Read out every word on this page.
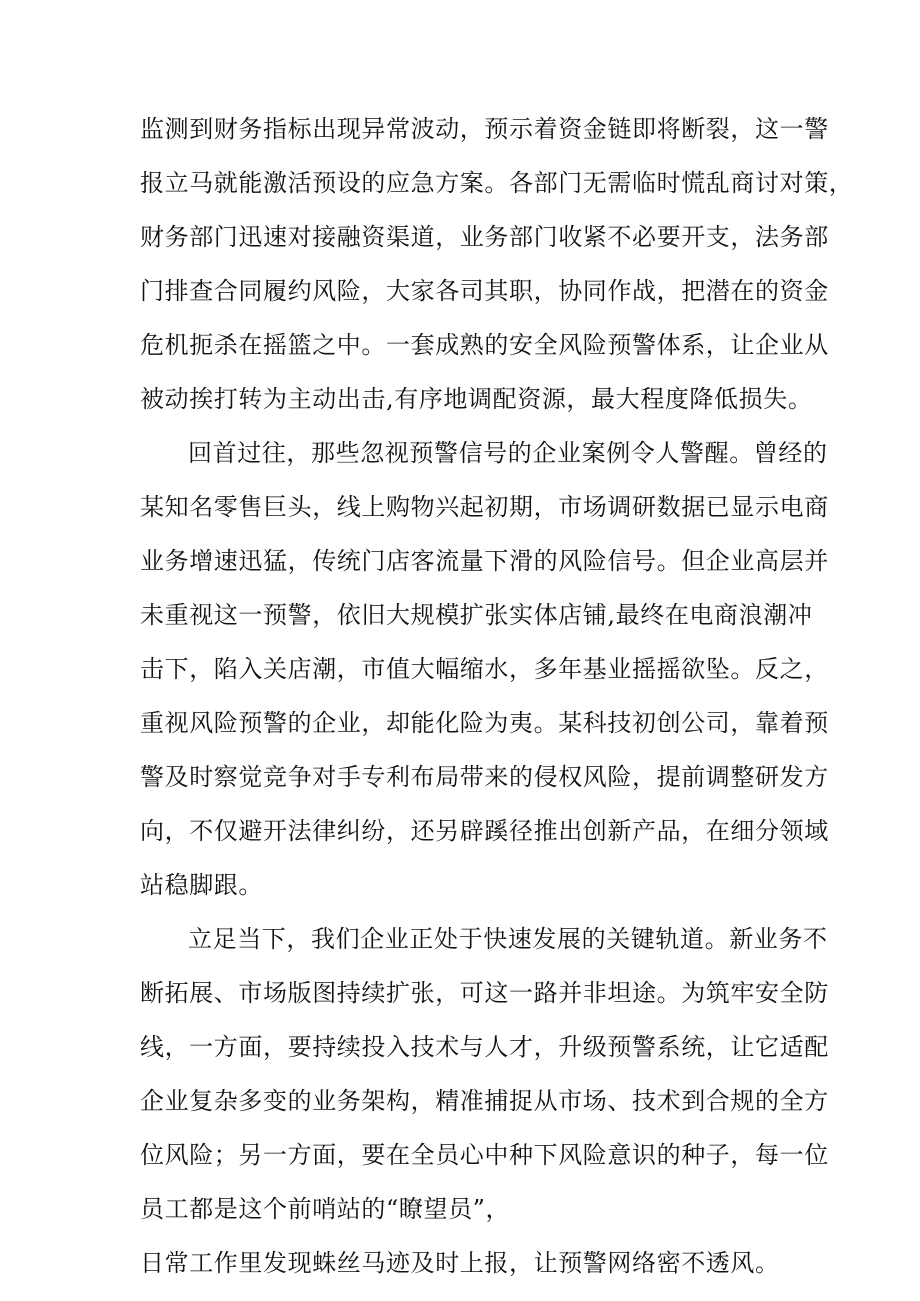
监测到财务指标出现异常波动，预示着资金链即将断裂，这一警

报立马就能激活预设的应急方案。各部门无需临时慌乱商讨对策，

财务部门迅速对接融资渠道，业务部门收紧不必要开支，法务部

门排查合同履约风险，大家各司其职，协同作战，把潜在的资金

危机扼杀在摇篮之中。一套成熟的安全风险预警体系，让企业从

被动挨打转为主动出击,有序地调配资源，最大程度降低损失。

回首过往，那些忽视预警信号的企业案例令人警醒。曾经的

某知名零售巨头，线上购物兴起初期，市场调研数据已显示电商

业务增速迅猛，传统门店客流量下滑的风险信号。但企业高层并

未重视这一预警，依旧大规模扩张实体店铺,最终在电商浪潮冲

击下，陷入关店潮，市值大幅缩水，多年基业摇摇欲坠。反之，

重视风险预警的企业，却能化险为夷。某科技初创公司，靠着预

警及时察觉竞争对手专利布局带来的侵权风险，提前调整研发方

向，不仅避开法律纠纷，还另辟蹊径推出创新产品，在细分领域

站稳脚跟。

立足当下，我们企业正处于快速发展的关键轨道。新业务不

断拓展、市场版图持续扩张，可这一路并非坦途。为筑牢安全防

线，一方面，要持续投入技术与人才，升级预警系统，让它适配

企业复杂多变的业务架构，精准捕捉从市场、技术到合规的全方

位风险；另一方面，要在全员心中种下风险意识的种子，每一位

员工都是这个前哨站的“瞭望员”，

日常工作里发现蛛丝马迹及时上报，让预警网络密不透风。
